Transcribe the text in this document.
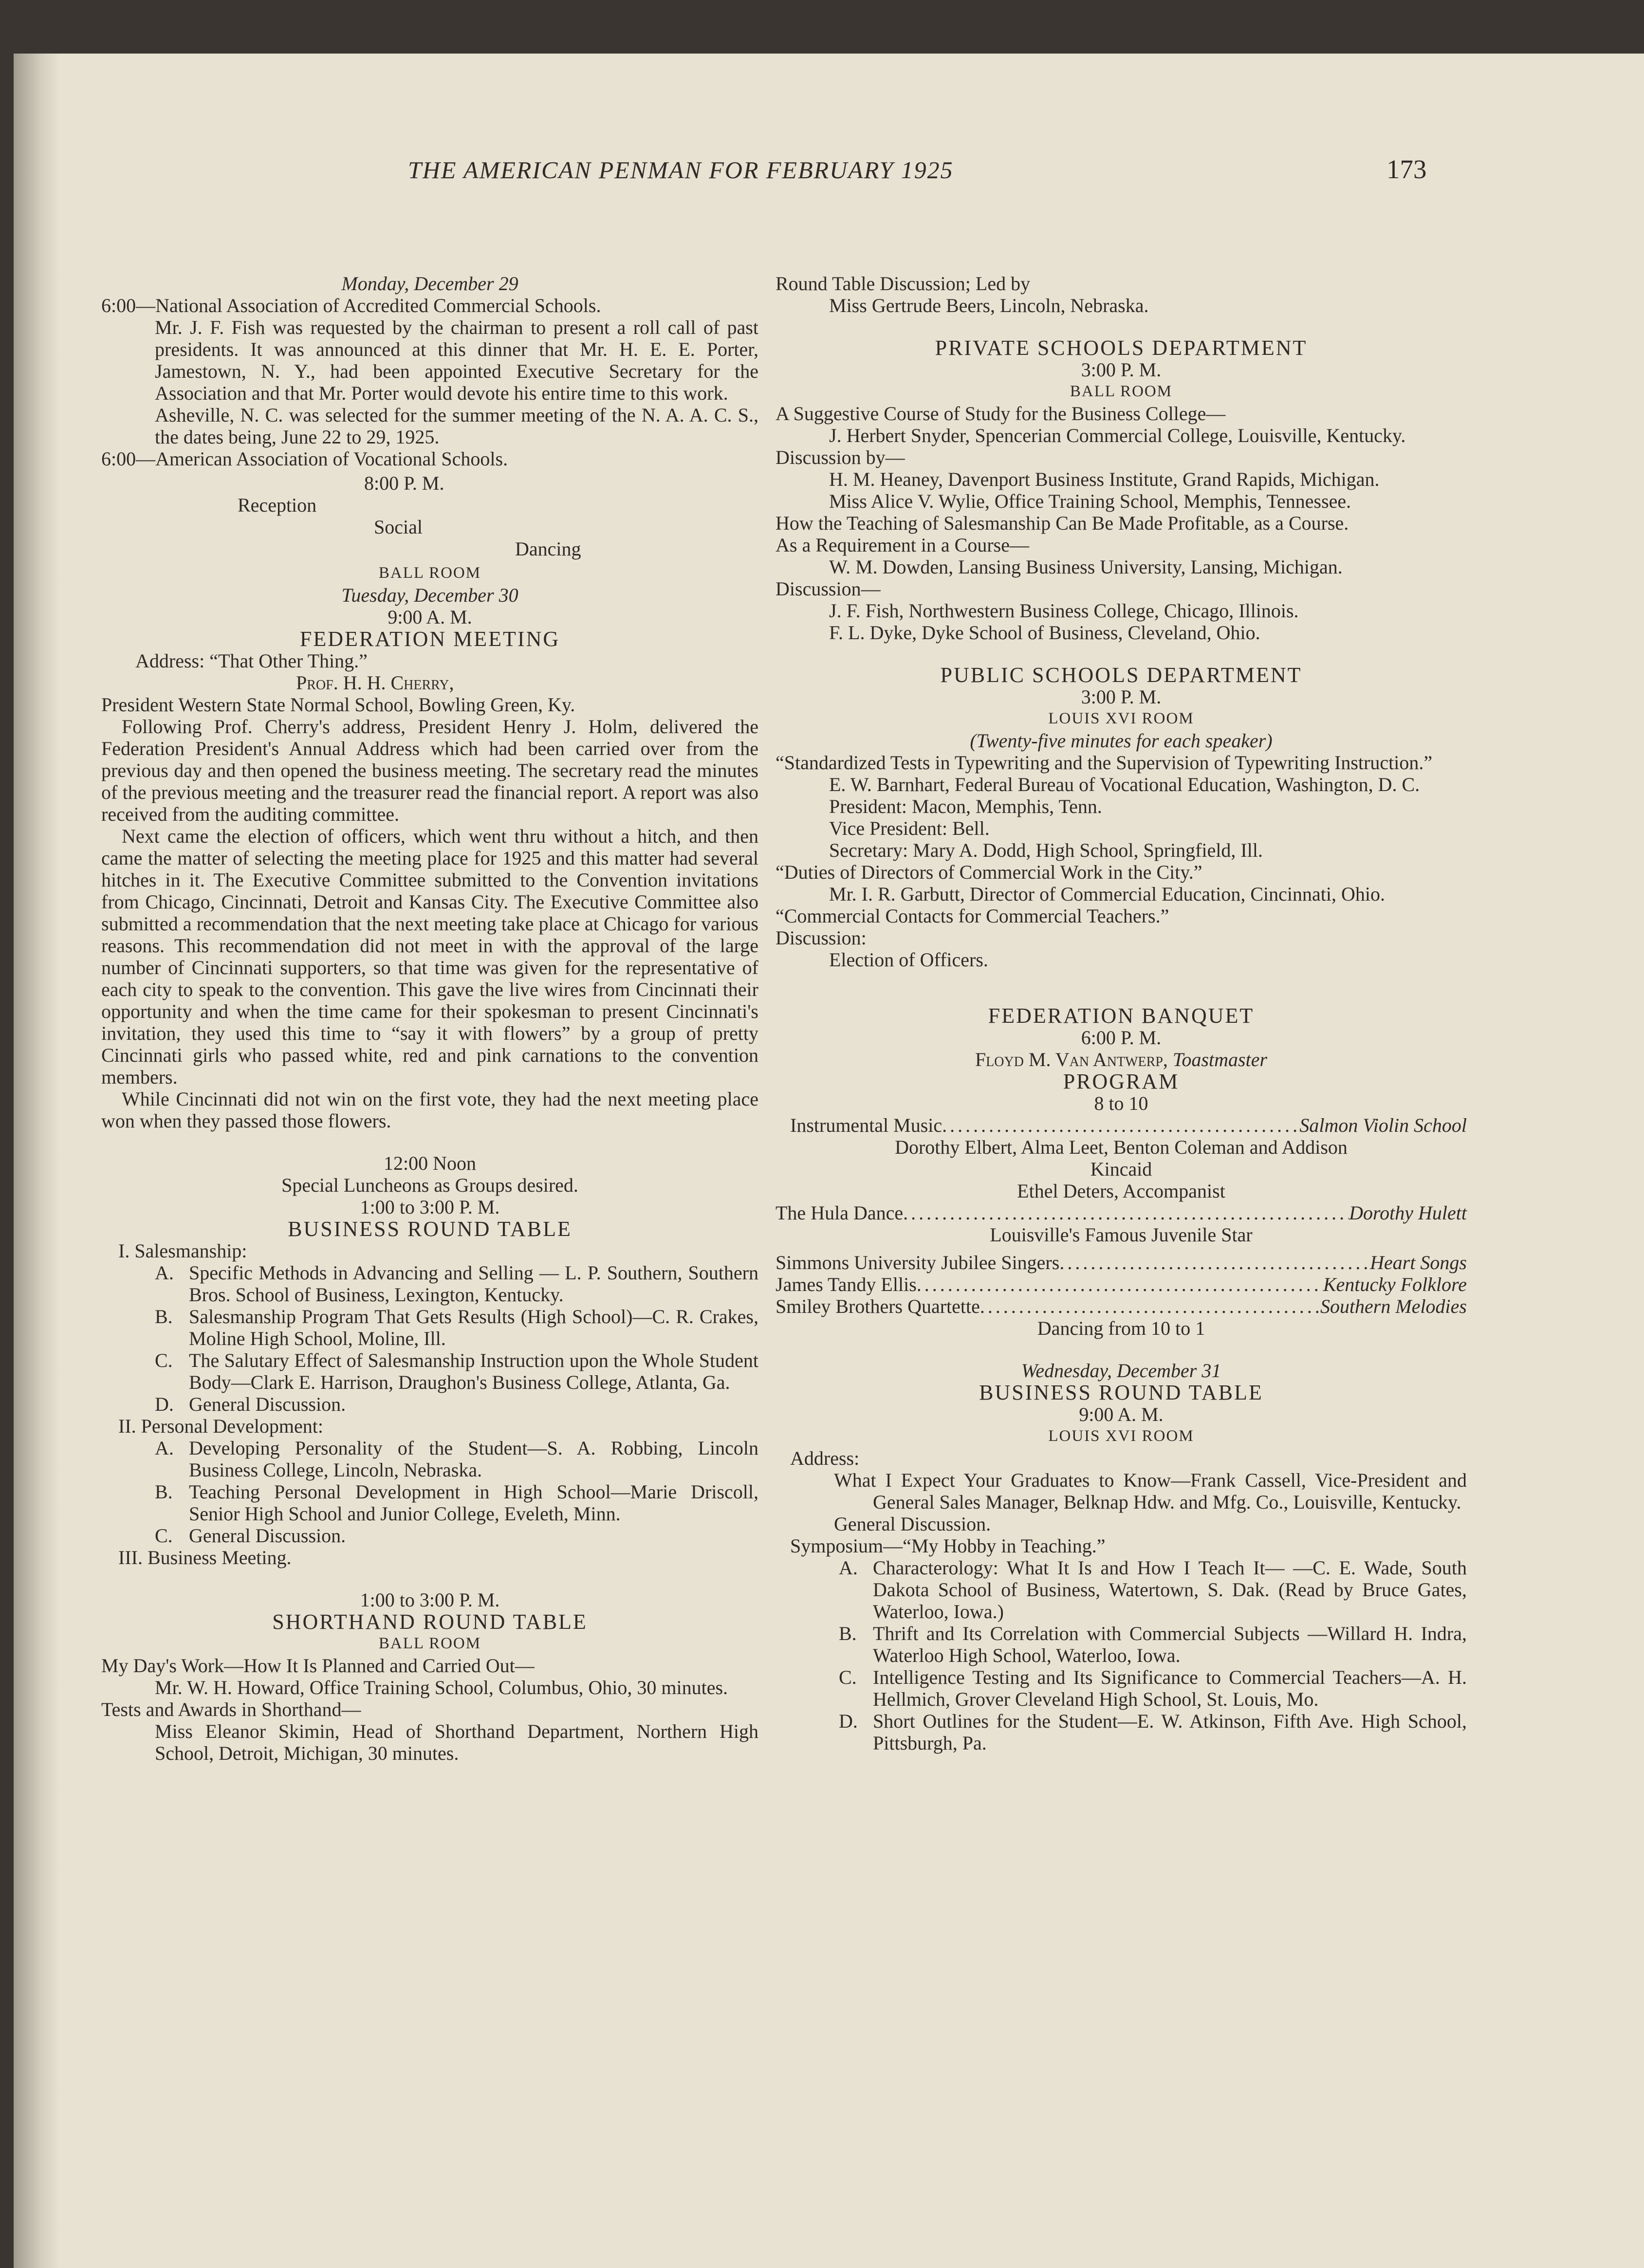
THE AMERICAN PENMAN FOR FEBRUARY 1925	173

Monday, December 29

6:00—National Association of Accredited Commercial Schools.

Mr. J. F. Fish was requested by the chairman to present a roll call of past presidents. It was announced at this dinner that Mr. H. E. E. Porter, Jamestown, N. Y., had been appointed Executive Secretary for the Association and that Mr. Porter would devote his entire time to this work.

Asheville, N. C. was selected for the summer meeting of the N. A. A. C. S., the dates being, June 22 to 29, 1925.

6:00—American Association of Vocational Schools.

8:00 P. M.
Reception
Social
Dancing

BALL ROOM

Tuesday, December 30

9:00 A. M.

FEDERATION MEETING

Address: “That Other Thing.”

Prof. H. H. Cherry,

President Western State Normal School, Bowling Green, Ky.

Following Prof. Cherry's address, President Henry J. Holm, delivered the Federation President's Annual Address which had been carried over from the previous day and then opened the business meeting. The secretary read the minutes of the previous meeting and the treasurer read the financial report. A report was also received from the auditing committee.

Next came the election of officers, which went thru without a hitch, and then came the matter of selecting the meeting place for 1925 and this matter had several hitches in it. The Executive Committee submitted to the Convention invitations from Chicago, Cincinnati, Detroit and Kansas City. The Executive Committee also submitted a recommendation that the next meeting take place at Chicago for various reasons. This recommendation did not meet in with the approval of the large number of Cincinnati supporters, so that time was given for the representative of each city to speak to the convention. This gave the live wires from Cincinnati their opportunity and when the time came for their spokesman to present Cincinnati's invitation, they used this time to “say it with flowers” by a group of pretty Cincinnati girls who passed white, red and pink carnations to the convention members.

While Cincinnati did not win on the first vote, they had the next meeting place won when they passed those flowers.

12:00 Noon

Special Luncheons as Groups desired.

1:00 to 3:00 P. M.

BUSINESS ROUND TABLE

I. Salesmanship:

A. Specific Methods in Advancing and Selling — L. P. Southern, Southern Bros. School of Business, Lexington, Kentucky.
B. Salesmanship Program That Gets Results (High School)—C. R. Crakes, Moline High School, Moline, Ill.
C. The Salutary Effect of Salesmanship Instruction upon the Whole Student Body—Clark E. Harrison, Draughon's Business College, Atlanta, Ga.
D. General Discussion.

II. Personal Development:

A. Developing Personality of the Student—S. A. Robbing, Lincoln Business College, Lincoln, Nebraska.
B. Teaching Personal Development in High School—Marie Driscoll, Senior High School and Junior College, Eveleth, Minn.
C. General Discussion.

III. Business Meeting.

1:00 to 3:00 P. M.

SHORTHAND ROUND TABLE

BALL ROOM

My Day's Work—How It Is Planned and Carried Out—

Mr. W. H. Howard, Office Training School, Columbus, Ohio, 30 minutes.

Tests and Awards in Shorthand—

Miss Eleanor Skimin, Head of Shorthand Department, Northern High School, Detroit, Michigan, 30 minutes.

Round Table Discussion; Led by

Miss Gertrude Beers, Lincoln, Nebraska.

PRIVATE SCHOOLS DEPARTMENT

3:00 P. M.

BALL ROOM

A Suggestive Course of Study for the Business College—

J. Herbert Snyder, Spencerian Commercial College, Louisville, Kentucky.

Discussion by—

H. M. Heaney, Davenport Business Institute, Grand Rapids, Michigan.

Miss Alice V. Wylie, Office Training School, Memphis, Tennessee.

How the Teaching of Salesmanship Can Be Made Profitable, as a Course.

As a Requirement in a Course—

W. M. Dowden, Lansing Business University, Lansing, Michigan.

Discussion—

J. F. Fish, Northwestern Business College, Chicago, Illinois.

F. L. Dyke, Dyke School of Business, Cleveland, Ohio.

PUBLIC SCHOOLS DEPARTMENT

3:00 P. M.

LOUIS XVI ROOM

(Twenty-five minutes for each speaker)

“Standardized Tests in Typewriting and the Supervision of Typewriting Instruction.”

E. W. Barnhart, Federal Bureau of Vocational Education, Washington, D. C.

President: Macon, Memphis, Tenn.

Vice President: Bell.

Secretary: Mary A. Dodd, High School, Springfield, Ill.

“Duties of Directors of Commercial Work in the City.”

Mr. I. R. Garbutt, Director of Commercial Education, Cincinnati, Ohio.

“Commercial Contacts for Commercial Teachers.”

Discussion:

Election of Officers.

FEDERATION BANQUET

6:00 P. M.

Floyd M. Van Antwerp, Toastmaster

PROGRAM

8 to 10

Instrumental Music .....	Salmon Violin School

Dorothy Elbert, Alma Leet, Benton Coleman and Addison Kincaid

Ethel Deters, Accompanist

The Hula Dance .....	Dorothy Hulett

Louisville's Famous Juvenile Star

Simmons University Jubilee Singers .....	Heart Songs
James Tandy Ellis .....	Kentucky Folklore
Smiley Brothers Quartette .....	Southern Melodies

Dancing from 10 to 1

Wednesday, December 31

BUSINESS ROUND TABLE

9:00 A. M.

LOUIS XVI ROOM

Address:

What I Expect Your Graduates to Know—Frank Cassell, Vice-President and General Sales Manager, Belknap Hdw. and Mfg. Co., Louisville, Kentucky.

General Discussion.

Symposium—“My Hobby in Teaching.”

A. Characterology: What It Is and How I Teach It— —C. E. Wade, South Dakota School of Business, Watertown, S. Dak. (Read by Bruce Gates, Waterloo, Iowa.)
B. Thrift and Its Correlation with Commercial Subjects —Willard H. Indra, Waterloo High School, Waterloo, Iowa.
C. Intelligence Testing and Its Significance to Commercial Teachers—A. H. Hellmich, Grover Cleveland High School, St. Louis, Mo.
D. Short Outlines for the Student—E. W. Atkinson, Fifth Ave. High School, Pittsburgh, Pa.
